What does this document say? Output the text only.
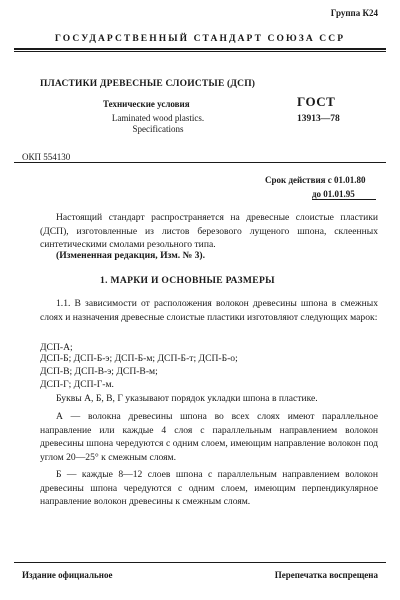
Группа К24
ГОСУДАРСТВЕННЫЙ СТАНДАРТ СОЮЗА ССР
ПЛАСТИКИ ДРЕВЕСНЫЕ СЛОИСТЫЕ (ДСП)
Технические условия
Laminated wood plastics.
Specifications
ГОСТ
13913—78
ОКП 554130
Срок действия с 01.01.80
до 01.01.95
Настоящий стандарт распространяется на древесные слоистые пластики (ДСП), изготовленные из листов березового лущеного шпона, склеенных синтетическими смолами резольного типа.
(Измененная редакция, Изм. № 3).
1. МАРКИ И ОСНОВНЫЕ РАЗМЕРЫ
1.1. В зависимости от расположения волокон древесины шпона в смежных слоях и назначения древесные слоистые пластики изготовляют следующих марок:
ДСП-А;
ДСП-Б; ДСП-Б-э; ДСП-Б-м; ДСП-Б-т; ДСП-Б-о;
ДСП-В; ДСП-В-э; ДСП-В-м;
ДСП-Г; ДСП-Г-м.
Буквы А, Б, В, Г указывают порядок укладки шпона в пластике.
А — волокна древесины шпона во всех слоях имеют параллельное направление или каждые 4 слоя с параллельным направлением волокон древесины шпона чередуются с одним слоем, имеющим направление волокон под углом 20—25° к смежным слоям.
Б — каждые 8—12 слоев шпона с параллельным направлением волокон древесины шпона чередуются с одним слоем, имеющим перпендикулярное направление волокон древесины к смежным слоям.
Издание официальное	Перепечатка воспрещена
